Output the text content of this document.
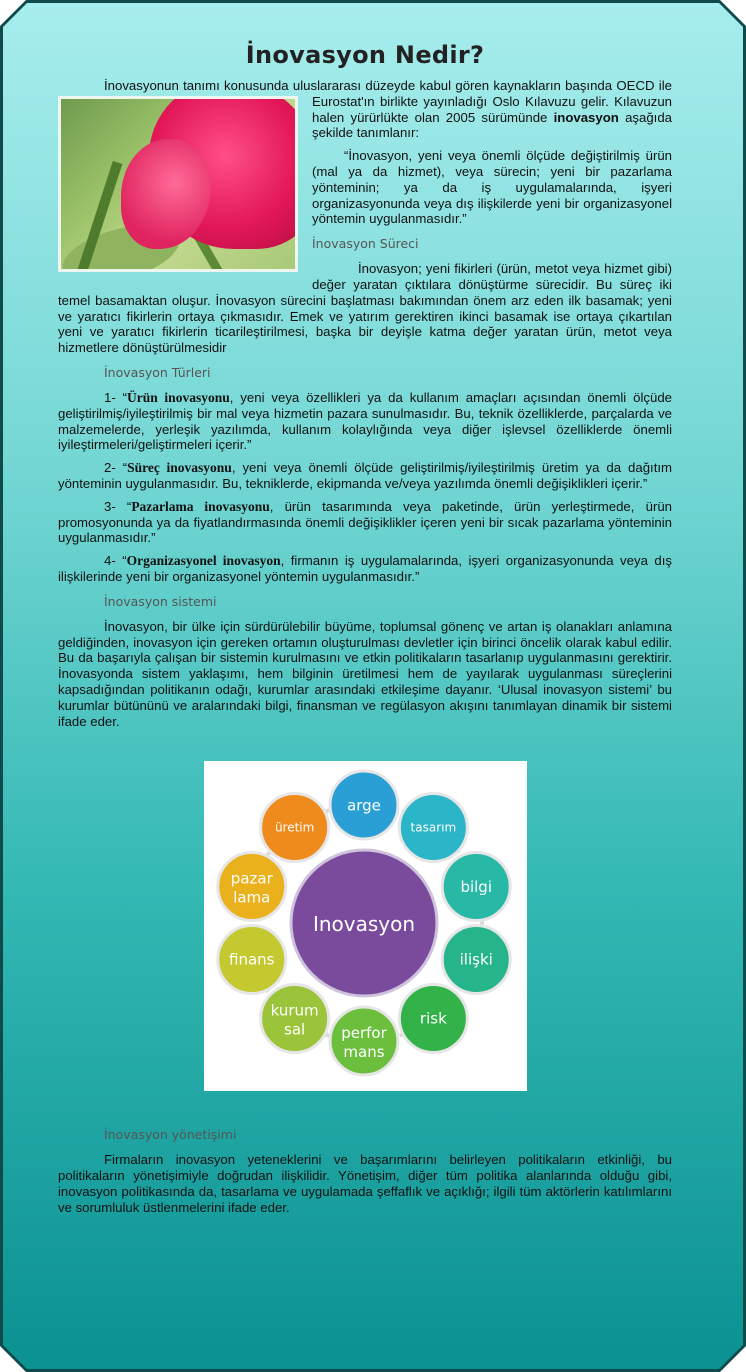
İnovasyon Nedir?

İnovasyonun tanımı konusunda uluslararası düzeyde kabul gören kaynakların başında OECD ile Eurostat'ın birlikte yayınladığı Oslo Kılavuzu gelir. Kılavuzun halen yürürlükte olan 2005 sürümünde inovasyon aşağıda şekilde tanımlanır:

“İnovasyon, yeni veya önemli ölçüde değiştirilmiş ürün (mal ya da hizmet), veya sürecin; yeni bir pazarlama yönteminin; ya da iş uygulamalarında, işyeri organizasyonunda veya dış ilişkilerde yeni bir organizasyonel yöntemin uygulanmasıdır.”

İnovasyon Süreci

İnovasyon; yeni fikirleri (ürün, metot veya hizmet gibi) değer yaratan çıktılara dönüştürme sürecidir. Bu süreç iki temel basamaktan oluşur. İnovasyon sürecini başlatması bakımından önem arz eden ilk basamak; yeni ve yaratıcı fikirlerin ortaya çıkmasıdır. Emek ve yatırım gerektiren ikinci basamak ise ortaya çıkartılan yeni ve yaratıcı fikirlerin ticarileştirilmesi, başka bir deyişle katma değer yaratan ürün, metot veya hizmetlere dönüştürülmesidir

İnovasyon Türleri

1- “Ürün inovasyonu, yeni veya özellikleri ya da kullanım amaçları açısından önemli ölçüde geliştirilmiş/iyileştirilmiş bir mal veya hizmetin pazara sunulmasıdır. Bu, teknik özelliklerde, parçalarda ve malzemelerde, yerleşik yazılımda, kullanım kolaylığında veya diğer işlevsel özelliklerde önemli iyileştirmeleri/geliştirmeleri içerir.”

2- “Süreç inovasyonu, yeni veya önemli ölçüde geliştirilmiş/iyileştirilmiş üretim ya da dağıtım yönteminin uygulanmasıdır. Bu, tekniklerde, ekipmanda ve/veya yazılımda önemli değişiklikleri içerir.”

3- “Pazarlama inovasyonu, ürün tasarımında veya paketinde, ürün yerleştirmede, ürün promosyonunda ya da fiyatlandırmasında önemli değişiklikler içeren yeni bir sıcak pazarlama yönteminin uygulanmasıdır.”

4- “Organizasyonel inovasyon, firmanın iş uygulamalarında, işyeri organizasyonunda veya dış ilişkilerinde yeni bir organizasyonel yöntemin uygulanmasıdır.”

İnovasyon sistemi

İnovasyon, bir ülke için sürdürülebilir büyüme, toplumsal gönenç ve artan iş olanakları anlamına geldiğinden, inovasyon için gereken ortamın oluşturulması devletler için birinci öncelik olarak kabul edilir. Bu da başarıyla çalışan bir sistemin kurulmasını ve etkin politikaların tasarlanıp uygulanmasını gerektirir. İnovasyonda sistem yaklaşımı, hem bilginin üretilmesi hem de yayılarak uygulanması süreçlerini kapsadığından politikanın odağı, kurumlar arasındaki etkileşime dayanır. ‘Ulusal inovasyon sistemi’ bu kurumlar bütününü ve aralarındaki bilgi, finansman ve regülasyon akışını tanımlayan dinamik bir sistemi ifade eder.

Inovasyon
arge
tasarım
bilgi
ilişki
risk
perfor
mans
kurum
sal
finans
pazar
lama
üretim
İnovasyon yönetişimi

Firmaların inovasyon yeteneklerini ve başarımlarını belirleyen politikaların etkinliği, bu politikaların yönetişimiyle doğrudan ilişkilidir. Yönetişim, diğer tüm politika alanlarında olduğu gibi, inovasyon politikasında da, tasarlama ve uygulamada şeffaflık ve açıklığı; ilgili tüm aktörlerin katılımlarını ve sorumluluk üstlenmelerini ifade eder.
